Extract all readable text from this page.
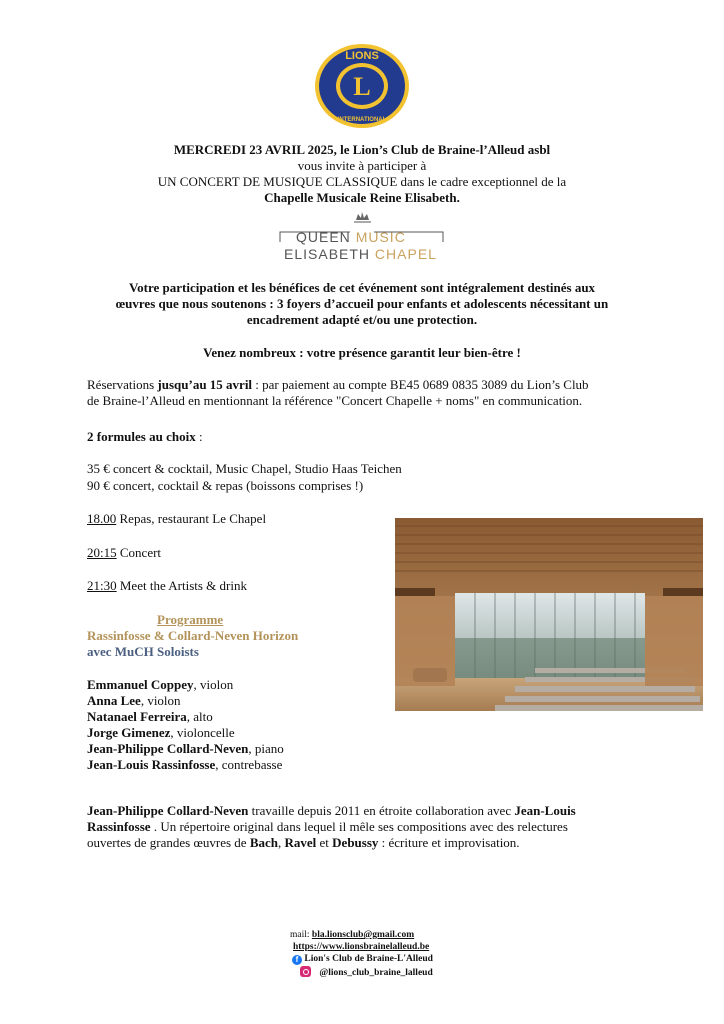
L
LIONS
INTERNATIONAL
MERCREDI 23 AVRIL 2025, le Lion’s Club de Braine-l’Alleud asbl
vous invite à participer à
UN CONCERT DE MUSIQUE CLASSIQUE dans le cadre exceptionnel de la
Chapelle Musicale Reine Elisabeth.
QUEEN MUSIC
ELISABETH CHAPEL
Votre participation et les bénéfices de cet événement sont intégralement destinés aux
œuvres que nous soutenons : 3 foyers d’accueil pour enfants et adolescents nécessitant un
encadrement adapté et/ou une protection.
Venez nombreux : votre présence garantit leur bien-être !
Réservations jusqu’au 15 avril : par paiement au compte BE45 0689 0835 3089 du Lion’s Club
de Braine-l’Alleud en mentionnant la référence "Concert Chapelle + noms" en communication.
2 formules au choix :
35 € concert & cocktail, Music Chapel, Studio Haas Teichen
90 € concert, cocktail & repas (boissons comprises !)
18.00 Repas, restaurant Le Chapel
20:15 Concert
21:30 Meet the Artists & drink
Programme
Rassinfosse & Collard-Neven Horizon
avec MuCH Soloists
Emmanuel Coppey, violon
Anna Lee, violon
Natanael Ferreira, alto
Jorge Gimenez, violoncelle
Jean-Philippe Collard-Neven, piano
Jean-Louis Rassinfosse, contrebasse
Jean-Philippe Collard-Neven travaille depuis 2011 en étroite collaboration avec Jean-Louis
Rassinfosse . Un répertoire original dans lequel il mêle ses compositions avec des relectures
ouvertes de grandes œuvres de Bach, Ravel et Debussy : écriture et improvisation.
mail: bla.lionsclub@gmail.com
https://www.lionsbrainelalleud.be
f Lion's Club de Braine-L'Alleud
@lions_club_braine_lalleud
